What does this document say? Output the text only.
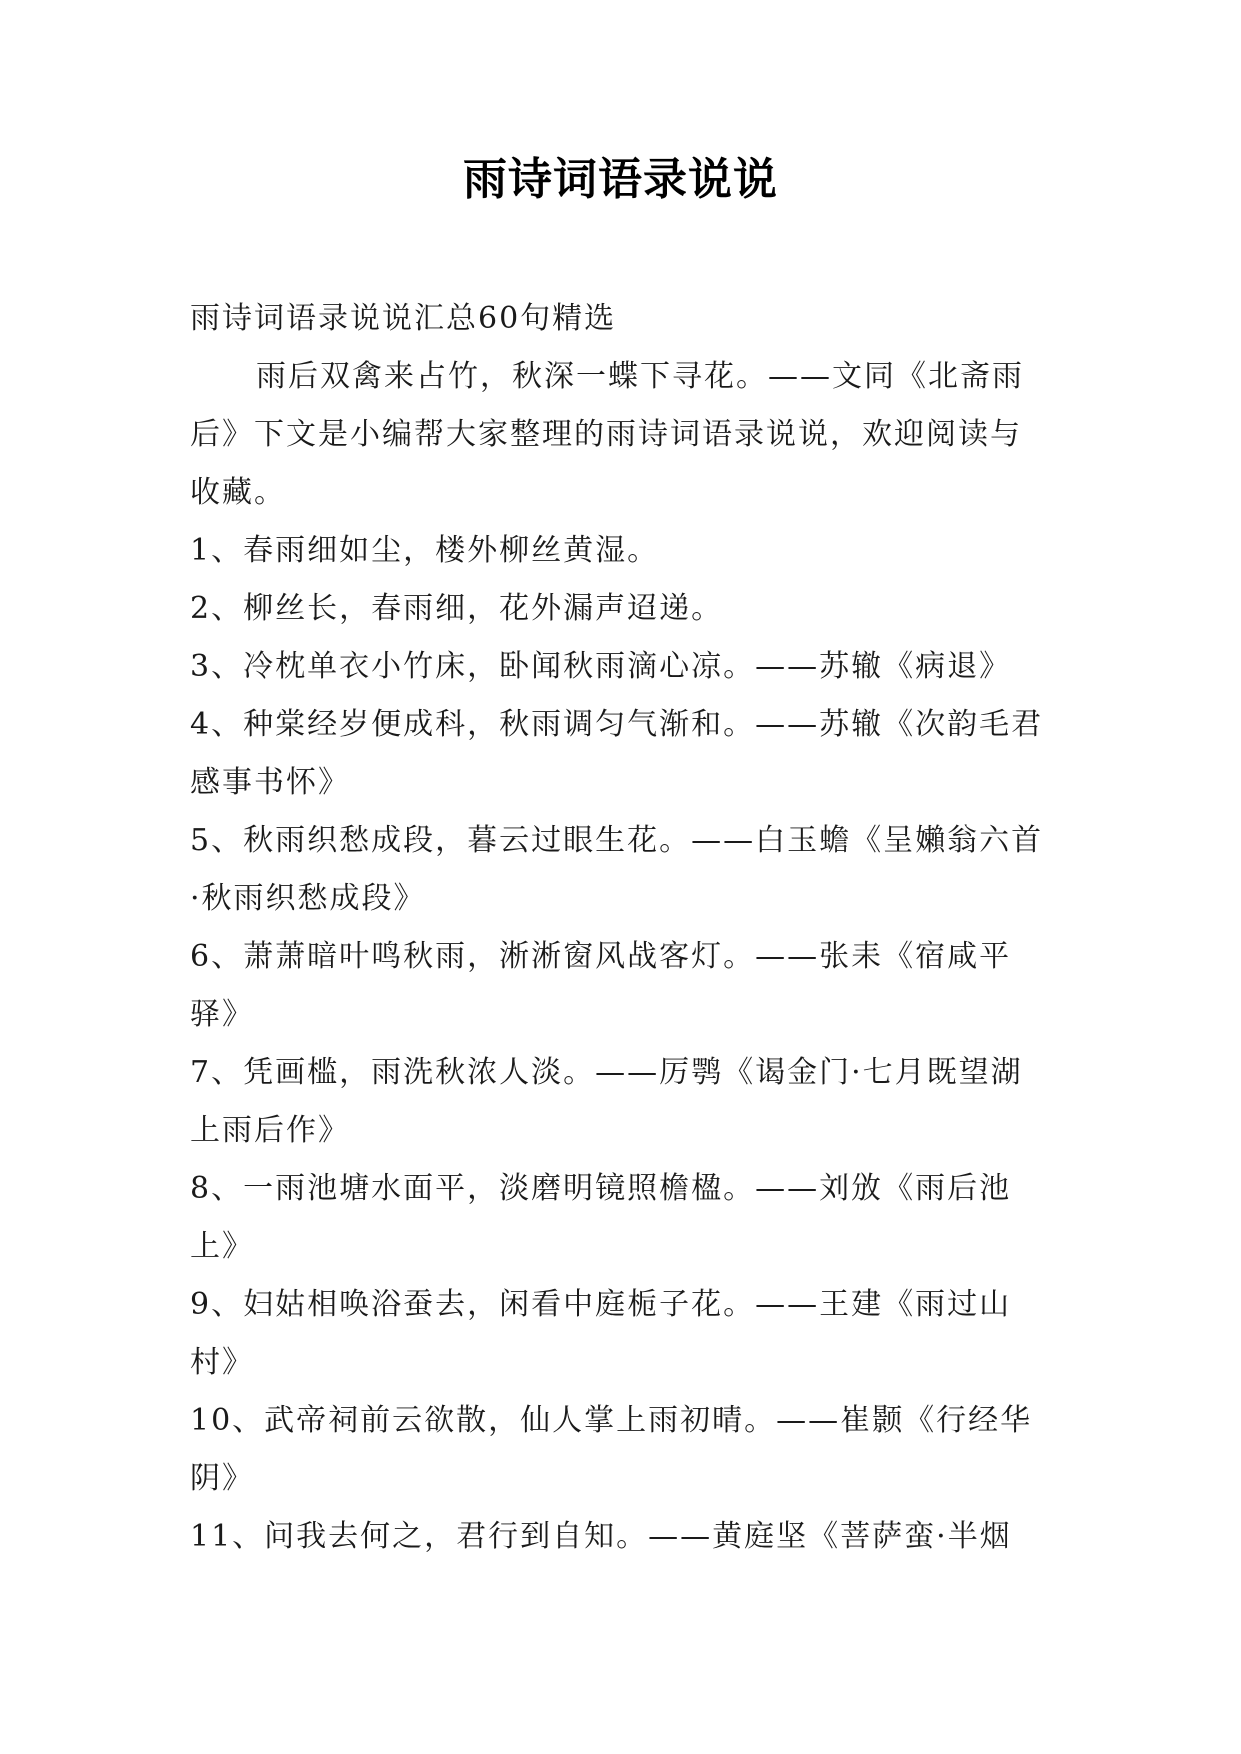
雨诗词语录说说

雨诗词语录说说汇总60句精选

雨后双禽来占竹，秋深一蝶下寻花。——文同《北斋雨后》下文是小编帮大家整理的雨诗词语录说说，欢迎阅读与收藏。

1、春雨细如尘，楼外柳丝黄湿。

2、柳丝长，春雨细，花外漏声迢递。

3、冷枕单衣小竹床，卧闻秋雨滴心凉。——苏辙《病退》

4、种棠经岁便成科，秋雨调匀气渐和。——苏辙《次韵毛君感事书怀》

5、秋雨织愁成段，暮云过眼生花。——白玉蟾《呈嬾翁六首·秋雨织愁成段》

6、萧萧暗叶鸣秋雨，淅淅窗风战客灯。——张耒《宿咸平驿》

7、凭画槛，雨洗秋浓人淡。——厉鹗《谒金门·七月既望湖上雨后作》

8、一雨池塘水面平，淡磨明镜照檐楹。——刘攽《雨后池上》

9、妇姑相唤浴蚕去，闲看中庭栀子花。——王建《雨过山村》

10、武帝祠前云欲散，仙人掌上雨初晴。——崔颢《行经华阴》

11、问我去何之，君行到自知。——黄庭坚《菩萨蛮·半烟
